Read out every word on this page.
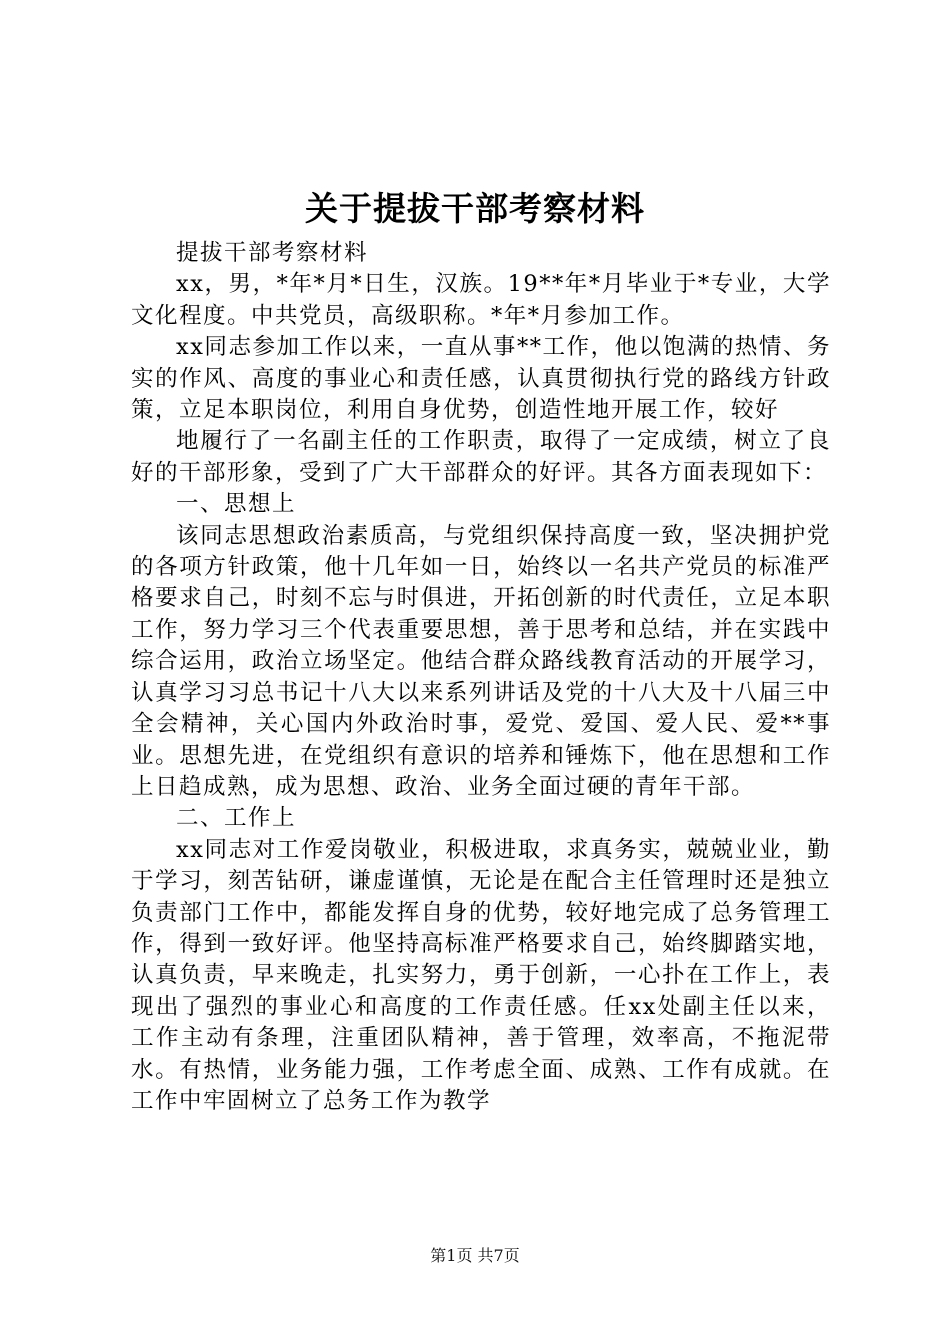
关于提拔干部考察材料

提拔干部考察材料

xx，男，*年*月*日生，汉族。19**年*月毕业于*专业，大学文化程度。中共党员，高级职称。*年*月参加工作。

xx同志参加工作以来，一直从事**工作，他以饱满的热情、务实的作风、高度的事业心和责任感，认真贯彻执行党的路线方针政策，立足本职岗位，利用自身优势，创造性地开展工作，较好

地履行了一名副主任的工作职责，取得了一定成绩，树立了良好的干部形象，受到了广大干部群众的好评。其各方面表现如下：

一、思想上

该同志思想政治素质高，与党组织保持高度一致，坚决拥护党的各项方针政策，他十几年如一日，始终以一名共产党员的标准严格要求自己，时刻不忘与时俱进，开拓创新的时代责任，立足本职工作，努力学习三个代表重要思想，善于思考和总结，并在实践中综合运用，政治立场坚定。他结合群众路线教育活动的开展学习，认真学习习总书记十八大以来系列讲话及党的十八大及十八届三中全会精神，关心国内外政治时事，爱党、爱国、爱人民、爱**事业。思想先进，在党组织有意识的培养和锤炼下，他在思想和工作上日趋成熟，成为思想、政治、业务全面过硬的青年干部。

二、工作上

xx同志对工作爱岗敬业，积极进取，求真务实，兢兢业业，勤于学习，刻苦钻研，谦虚谨慎，无论是在配合主任管理时还是独立负责部门工作中，都能发挥自身的优势，较好地完成了总务管理工作，得到一致好评。他坚持高标准严格要求自己，始终脚踏实地，认真负责，早来晚走，扎实努力，勇于创新，一心扑在工作上，表现出了强烈的事业心和高度的工作责任感。任xx处副主任以来，工作主动有条理，注重团队精神，善于管理，效率高，不拖泥带水。有热情，业务能力强，工作考虑全面、成熟、工作有成就。在工作中牢固树立了总务工作为教学

第1页 共7页
